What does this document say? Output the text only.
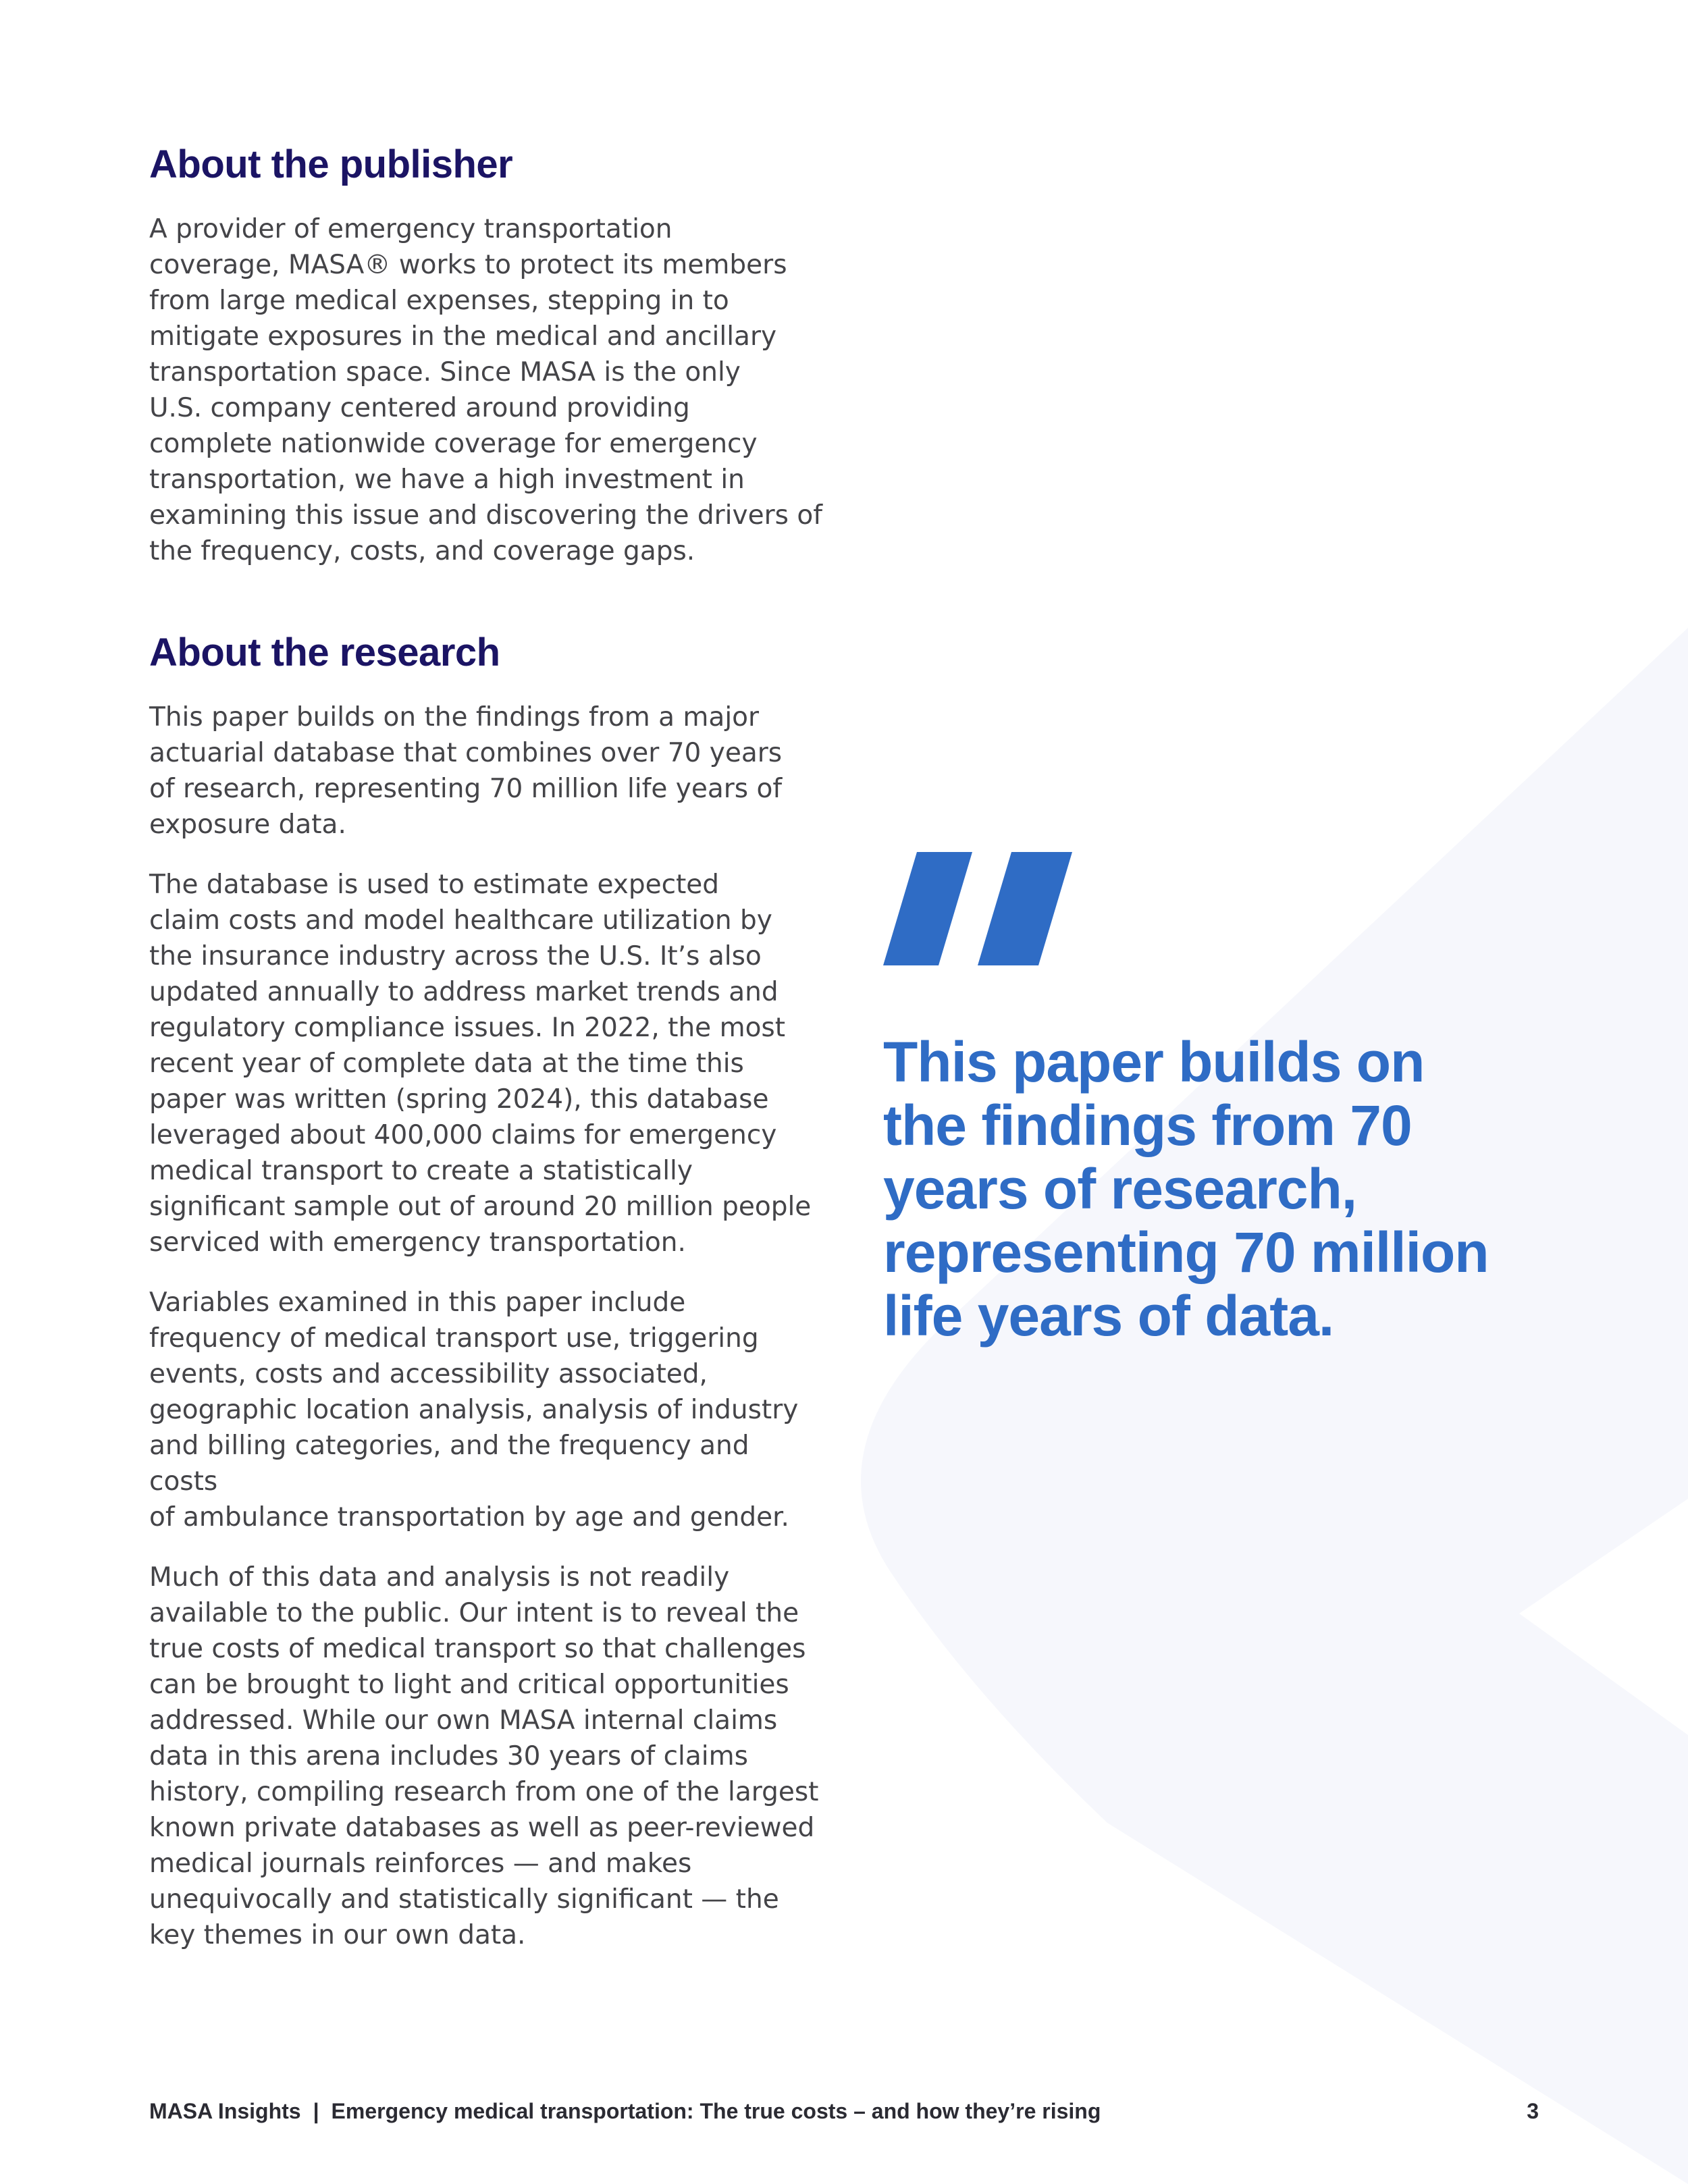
About the publisher

A provider of emergency transportation
coverage, MASA® works to protect its members
from large medical expenses, stepping in to
mitigate exposures in the medical and ancillary
transportation space. Since MASA is the only
U.S. company centered around providing
complete nationwide coverage for emergency
transportation, we have a high investment in
examining this issue and discovering the drivers of
the frequency, costs, and coverage gaps.

About the research

This paper builds on the findings from a major
actuarial database that combines over 70 years
of research, representing 70 million life years of
exposure data.

The database is used to estimate expected
claim costs and model healthcare utilization by
the insurance industry across the U.S. It’s also
updated annually to address market trends and
regulatory compliance issues. In 2022, the most
recent year of complete data at the time this
paper was written (spring 2024), this database
leveraged about 400,000 claims for emergency
medical transport to create a statistically
significant sample out of around 20 million people
serviced with emergency transportation.

Variables examined in this paper include
frequency of medical transport use, triggering
events, costs and accessibility associated,
geographic location analysis, analysis of industry
and billing categories, and the frequency and costs
of ambulance transportation by age and gender.

Much of this data and analysis is not readily
available to the public. Our intent is to reveal the
true costs of medical transport so that challenges
can be brought to light and critical opportunities
addressed. While our own MASA internal claims
data in this arena includes 30 years of claims
history, compiling research from one of the largest
known private databases as well as peer-reviewed
medical journals reinforces — and makes
unequivocally and statistically significant — the
key themes in our own data.

This paper builds on
the findings from 70
years of research,
representing 70 million
life years of data.
MASA Insights | Emergency medical transportation: The true costs – and how they’re rising	3
